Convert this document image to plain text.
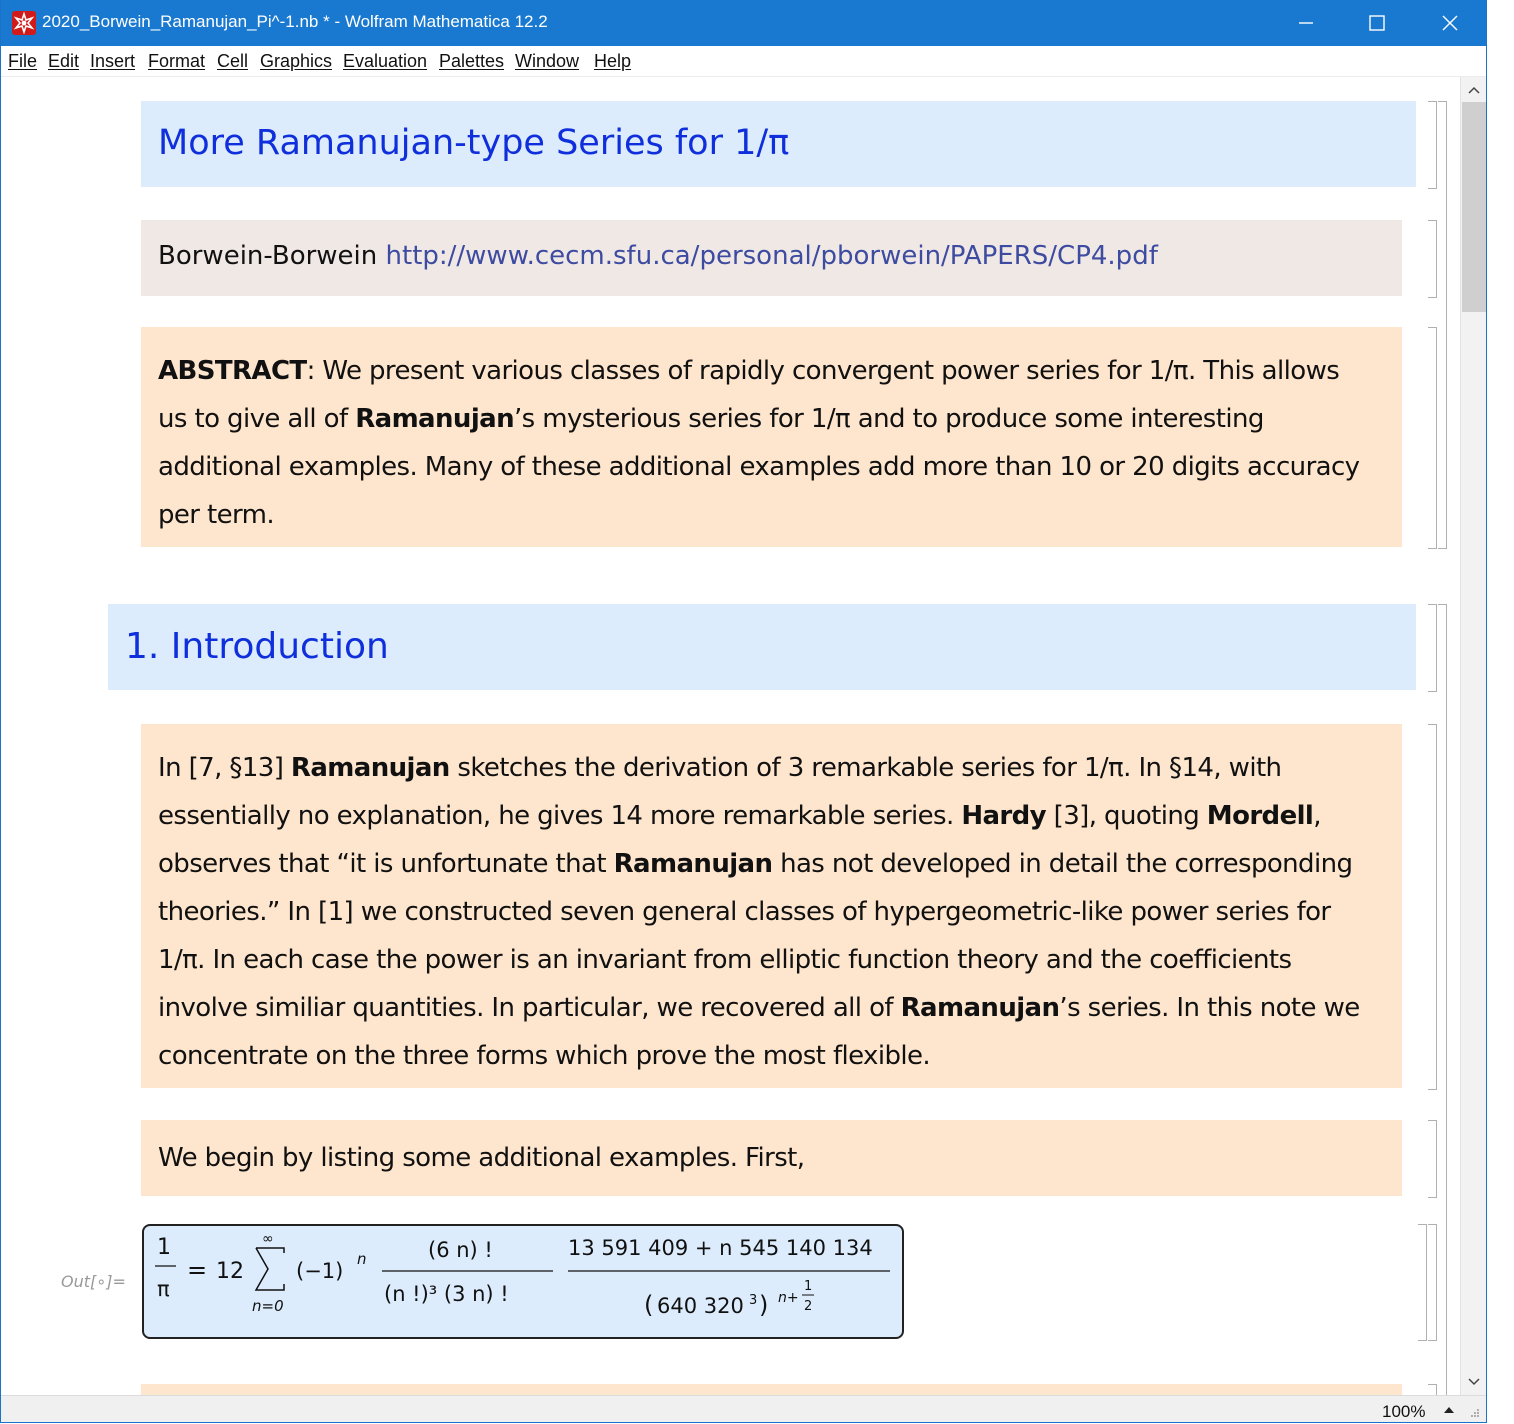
2020_Borwein_Ramanujan_Pi^-1.nb * - Wolfram Mathematica 12.2
File Edit Insert Format Cell Graphics Evaluation Palettes Window Help
More Ramanujan-type Series for 1/π
Borwein-Borwein http://www.cecm.sfu.ca/personal/pborwein/PAPERS/CP4.pdf
ABSTRACT: We present various classes of rapidly convergent power series for 1/π. This allows us to give all of Ramanujan’s mysterious series for 1/π and to produce some interesting additional examples. Many of these additional examples add more than 10 or 20 digits accuracy per term.
1. Introduction
In [7, §13] Ramanujan sketches the derivation of 3 remarkable series for 1/π. In §14, with essentially no explanation, he gives 14 more remarkable series. Hardy [3], quoting Mordell, observes that “it is unfortunate that Ramanujan has not developed in detail the corresponding theories.” In [1] we constructed seven general classes of hypergeometric-like power series for 1/π. In each case the power is an invariant from elliptic function theory and the coefficients involve similiar quantities. In particular, we recovered all of Ramanujan’s series. In this note we concentrate on the three forms which prove the most flexible.
We begin by listing some additional examples. First,
Out[∘]=
1
π
= 12
∞
n=0
(−1) n	(6 n) !
(n !)³ (3 n) !
13 591 409 + n 545 140 134
( 640 320 3 ) n+
1
2
100%
